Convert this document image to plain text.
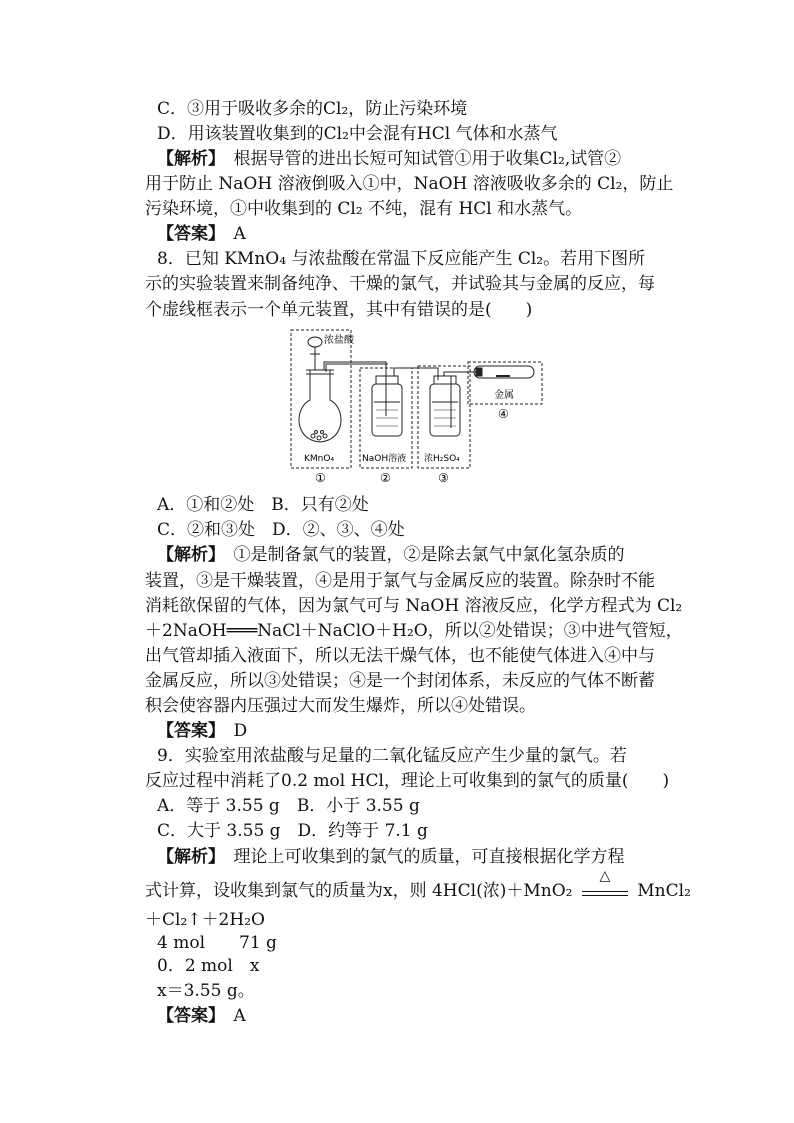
C．③用于吸收多余的Cl₂，防止污染环境
D．用该装置收集到的Cl₂中会混有HCl 气体和水蒸气
【解析】　 根据导管的进出长短可知试管①用于收集Cl₂,试管②
用于防止 NaOH 溶液倒吸入①中，NaOH 溶液吸收多余的 Cl₂，防止
污染环境，①中收集到的 Cl₂ 不纯，混有 HCl 和水蒸气。
【答案】　 A
8．已知 KMnO₄ 与浓盐酸在常温下反应能产生 Cl₂。若用下图所
示的实验装置来制备纯净、干燥的氯气，并试验其与金属的反应，每
个虚线框表示一个单元装置，其中有错误的是(　　)
浓盐酸
KMnO₄	NaOH溶液 浓H₂SO₄
金属
①	②	③
④
A．①和②处　B．只有②处
C．②和③处　D．②、③、④处
【解析】　 ①是制备氯气的装置，②是除去氯气中氯化氢杂质的
装置，③是干燥装置，④是用于氯气与金属反应的装置。除杂时不能
消耗欲保留的气体，因为氯气可与 NaOH 溶液反应，化学方程式为 Cl₂
＋2NaOH═══NaCl＋NaClO＋H₂O，所以②处错误；③中进气管短，
出气管却插入液面下，所以无法干燥气体，也不能使气体进入④中与
金属反应，所以③处错误；④是一个封闭体系，未反应的气体不断蓄
积会使容器内压强过大而发生爆炸，所以④处错误。
【答案】　 D
9．实验室用浓盐酸与足量的二氧化锰反应产生少量的氯气。若
反应过程中消耗了0.2 mol HCl，理论上可收集到的氯气的质量(　　)
A．等于 3.55 g　B．小于 3.55 g
C．大于 3.55 g　D．约等于 7.1 g
【解析】　 理论上可收集到的氯气的质量，可直接根据化学方程
式计算，设收集到氯气的质量为x，则 4HCl(浓)＋MnO₂
△
MnCl₂
＋Cl₂↑＋2H₂O
4 mol　　71 g
0．2 mol　x
x＝3.55 g。
【答案】　 A
